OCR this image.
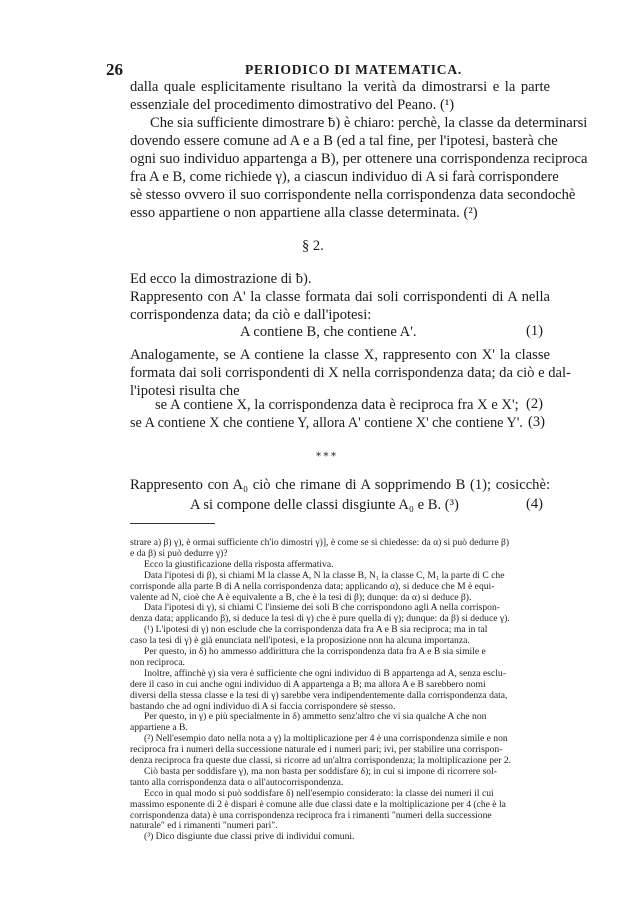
26	PERIODICO DI MATEMATICA.
dalla quale esplicitamente risultano la verità da dimostrarsi e la parte
essenziale del procedimento dimostrativo del Peano. (¹)
Che sia sufficiente dimostrare ƀ) è chiaro: perchè, la classe da determinarsi
dovendo essere comune ad A e a B (ed a tal fine, per l'ipotesi, basterà che
ogni suo individuo appartenga a B), per ottenere una corrispondenza reciproca
fra A e B, come richiede γ), a ciascun individuo di A si farà corrispondere
sè stesso ovvero il suo corrispondente nella corrispondenza data secondochè
esso appartiene o non appartiene alla classe determinata. (²)
§ 2.
Ed ecco la dimostrazione di ƀ).
Rappresento con A' la classe formata dai soli corrispondenti di A nella
corrispondenza data; da ciò e dall'ipotesi:
A contiene B, che contiene A'.	(1)
Analogamente, se A contiene la classe X, rappresento con X' la classe
formata dai soli corrispondenti di X nella corrispondenza data; da ciò e dal-
l'ipotesi risulta che
se A contiene X, la corrispondenza data è reciproca fra X e X'; (2)
se A contiene X che contiene Y, allora A' contiene X' che contiene Y'. (3)
⁎ ⁎ ⁎
Rappresento con A₀ ciò che rimane di A sopprimendo B (1); cosicchè:
A si compone delle classi disgiunte A₀ e B. (³)	(4)
strare a) β) γ), è ormai sufficiente ch'io dimostri γ)], è come se si chiedesse: da α) si può dedurre β)
e da β) si può dedurre γ)?
Ecco la giustificazione della risposta affermativa.
Data l'ipotesi di β), si chiami M la classe A, N la classe B, N₁ la classe C, M₁ la parte di C che
corrisponde alla parte B di A nella corrispondenza data; applicando α), si deduce che M è equi-
valente ad N, cioè che A è equivalente a B, che è la tesi di β); dunque: da α) si deduce β).
Data l'ipotesi di γ), si chiami C l'insieme dei soli B che corrispondono agli A nella corrispon-
denza data; applicando β), si deduce la tesi di γ) che è pure quella di γ); dunque: da β) si deduce γ).
(¹) L'ipotesi di γ) non esclude che la corrispondenza data fra A e B sia reciproca; ma in tal
caso la tesi di γ) è già enunciata nell'ipotesi, e la proposizione non ha alcuna importanza.
Per questo, in δ) ho ammesso addirittura che la corrispondenza data fra A e B sia simile e
non reciproca.
Inoltre, affinchè γ) sia vera è sufficiente che ogni individuo di B appartenga ad A, senza esclu-
dere il caso in cui anche ogni individuo di A appartenga a B; ma allora A e B sarebbero nomi
diversi della stessa classe e la tesi di γ) sarebbe vera indipendentemente dalla corrispondenza data,
bastando che ad ogni individuo di A si faccia corrispondere sè stesso.
Per questo, in γ) e più specialmente in δ) ammetto senz'altro che vi sia qualche A che non
appartiene a B.
(²) Nell'esempio dato nella nota a γ) la moltiplicazione per 4 è una corrispondenza simile e non
reciproca fra i numeri della successione naturale ed i numeri pari; ivi, per stabilire una corrispon-
denza reciproca fra queste due classi, si ricorre ad un'altra corrispondenza; la moltiplicazione per 2.
Ciò basta per soddisfare γ), ma non basta per soddisfare δ); in cui si impone di ricorrere sol-
tanto alla corrispondenza data o all'autocorrispondenza.
Ecco in qual modo si può soddisfare δ) nell'esempio considerato: la classe dei numeri il cui
massimo esponente di 2 è dispari è comune alle due classi date e la moltiplicazione per 4 (che è la
corrispondenza data) è una corrispondenza reciproca fra i rimanenti "numeri della successione
naturale" ed i rimanenti "numeri pari".
(³) Dico disgiunte due classi prive di individui comuni.
